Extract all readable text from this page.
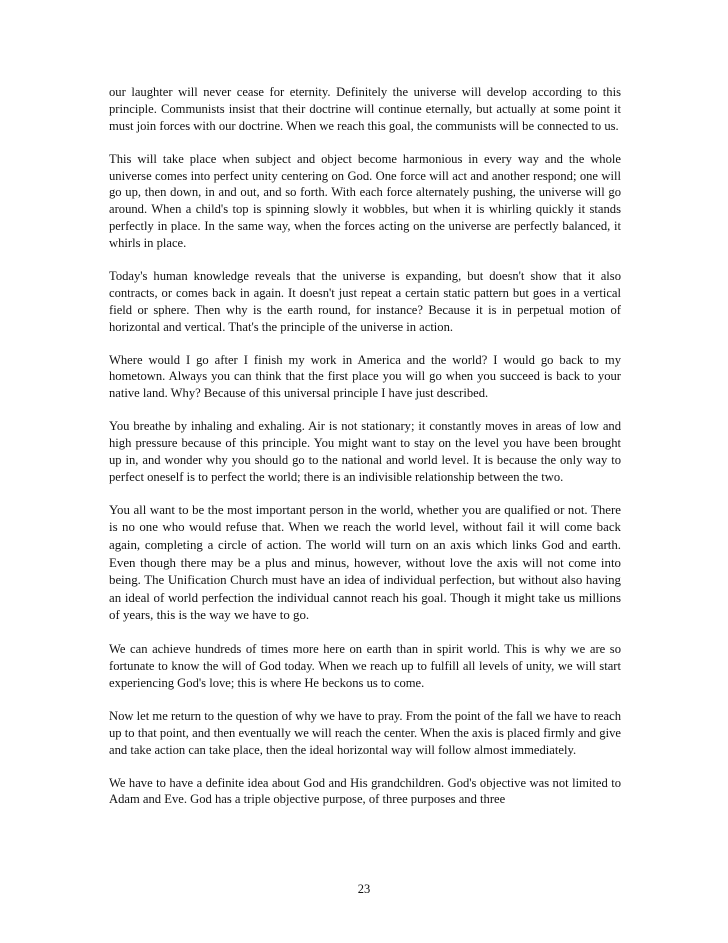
our laughter will never cease for eternity. Definitely the universe will develop according to this principle. Communists insist that their doctrine will continue eternally, but actually at some point it must join forces with our doctrine. When we reach this goal, the communists will be connected to us.

This will take place when subject and object become harmonious in every way and the whole universe comes into perfect unity centering on God. One force will act and another respond; one will go up, then down, in and out, and so forth. With each force alternately pushing, the universe will go around. When a child's top is spinning slowly it wobbles, but when it is whirling quickly it stands perfectly in place. In the same way, when the forces acting on the universe are perfectly balanced, it whirls in place.

Today's human knowledge reveals that the universe is expanding, but doesn't show that it also contracts, or comes back in again. It doesn't just repeat a certain static pattern but goes in a vertical field or sphere. Then why is the earth round, for instance? Because it is in perpetual motion of horizontal and vertical. That's the principle of the universe in action.

Where would I go after I finish my work in America and the world? I would go back to my hometown. Always you can think that the first place you will go when you succeed is back to your native land. Why? Because of this universal principle I have just described.

You breathe by inhaling and exhaling. Air is not stationary; it constantly moves in areas of low and high pressure because of this principle. You might want to stay on the level you have been brought up in, and wonder why you should go to the national and world level. It is because the only way to perfect oneself is to perfect the world; there is an indivisible relationship between the two.

You all want to be the most important person in the world, whether you are qualified or not. There is no one who would refuse that. When we reach the world level, without fail it will come back again, completing a circle of action. The world will turn on an axis which links God and earth. Even though there may be a plus and minus, however, without love the axis will not come into being. The Unification Church must have an idea of individual perfection, but without also having an ideal of world perfection the individual cannot reach his goal. Though it might take us millions of years, this is the way we have to go.

We can achieve hundreds of times more here on earth than in spirit world. This is why we are so fortunate to know the will of God today. When we reach up to fulfill all levels of unity, we will start experiencing God's love; this is where He beckons us to come.

Now let me return to the question of why we have to pray. From the point of the fall we have to reach up to that point, and then eventually we will reach the center. When the axis is placed firmly and give and take action can take place, then the ideal horizontal way will follow almost immediately.

We have to have a definite idea about God and His grandchildren. God's objective was not limited to Adam and Eve. God has a triple objective purpose, of three purposes and three

23
